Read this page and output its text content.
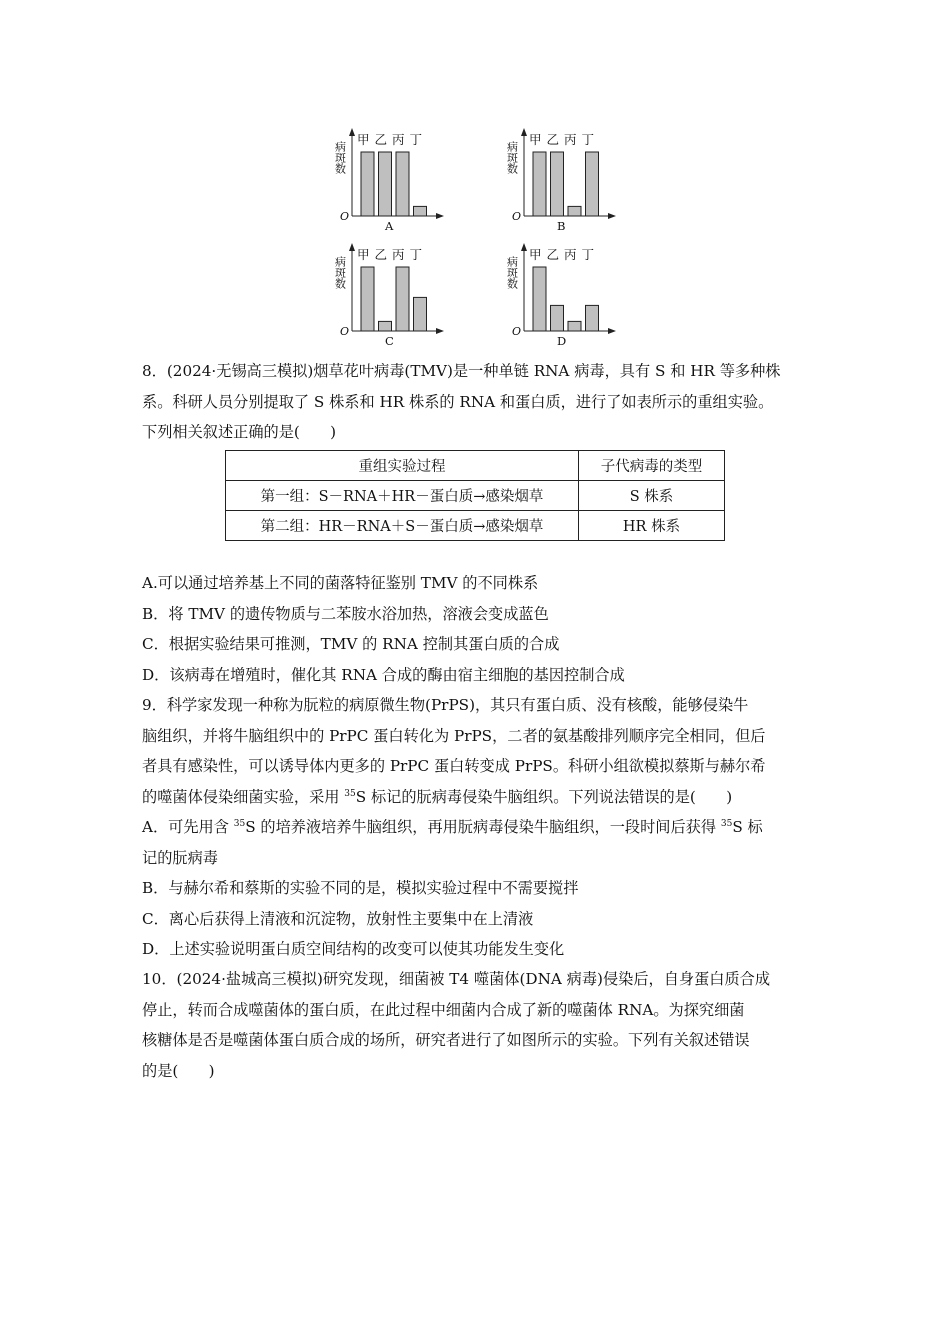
O
病斑数
甲 乙 丙 丁
A
O
病斑数
甲 乙 丙 丁
B
O
病斑数
甲 乙 丙 丁
C
O
病斑数
甲 乙 丙 丁
D
8．(2024·无锡高三模拟)烟草花叶病毒(TMV)是一种单链 RNA 病毒，具有 S 和 HR 等多种株
系。科研人员分别提取了 S 株系和 HR 株系的 RNA 和蛋白质，进行了如表所示的重组实验。
下列相关叙述正确的是(　　)
重组实验过程	子代病毒的类型
第一组：S－RNA＋HR－蛋白质→感染烟草	S 株系
第二组：HR－RNA＋S－蛋白质→感染烟草	HR 株系
A.可以通过培养基上不同的菌落特征鉴别 TMV 的不同株系
B．将 TMV 的遗传物质与二苯胺水浴加热，溶液会变成蓝色
C．根据实验结果可推测，TMV 的 RNA 控制其蛋白质的合成
D．该病毒在增殖时，催化其 RNA 合成的酶由宿主细胞的基因控制合成
9．科学家发现一种称为朊粒的病原微生物(PrPS)，其只有蛋白质、没有核酸，能够侵染牛
脑组织，并将牛脑组织中的 PrPC 蛋白转化为 PrPS，二者的氨基酸排列顺序完全相同，但后
者具有感染性，可以诱导体内更多的 PrPC 蛋白转变成 PrPS。科研小组欲模拟蔡斯与赫尔希
的噬菌体侵染细菌实验，采用 $^{35}$S 标记的朊病毒侵染牛脑组织。下列说法错误的是(　　)
A．可先用含 $^{35}$S 的培养液培养牛脑组织，再用朊病毒侵染牛脑组织，一段时间后获得 $^{35}$S 标
记的朊病毒
B．与赫尔希和蔡斯的实验不同的是，模拟实验过程中不需要搅拌
C．离心后获得上清液和沉淀物，放射性主要集中在上清液
D．上述实验说明蛋白质空间结构的改变可以使其功能发生变化
10．(2024·盐城高三模拟)研究发现，细菌被 T4 噬菌体(DNA 病毒)侵染后，自身蛋白质合成
停止，转而合成噬菌体的蛋白质，在此过程中细菌内合成了新的噬菌体 RNA。为探究细菌
核糖体是否是噬菌体蛋白质合成的场所，研究者进行了如图所示的实验。下列有关叙述错误
的是(　　)
